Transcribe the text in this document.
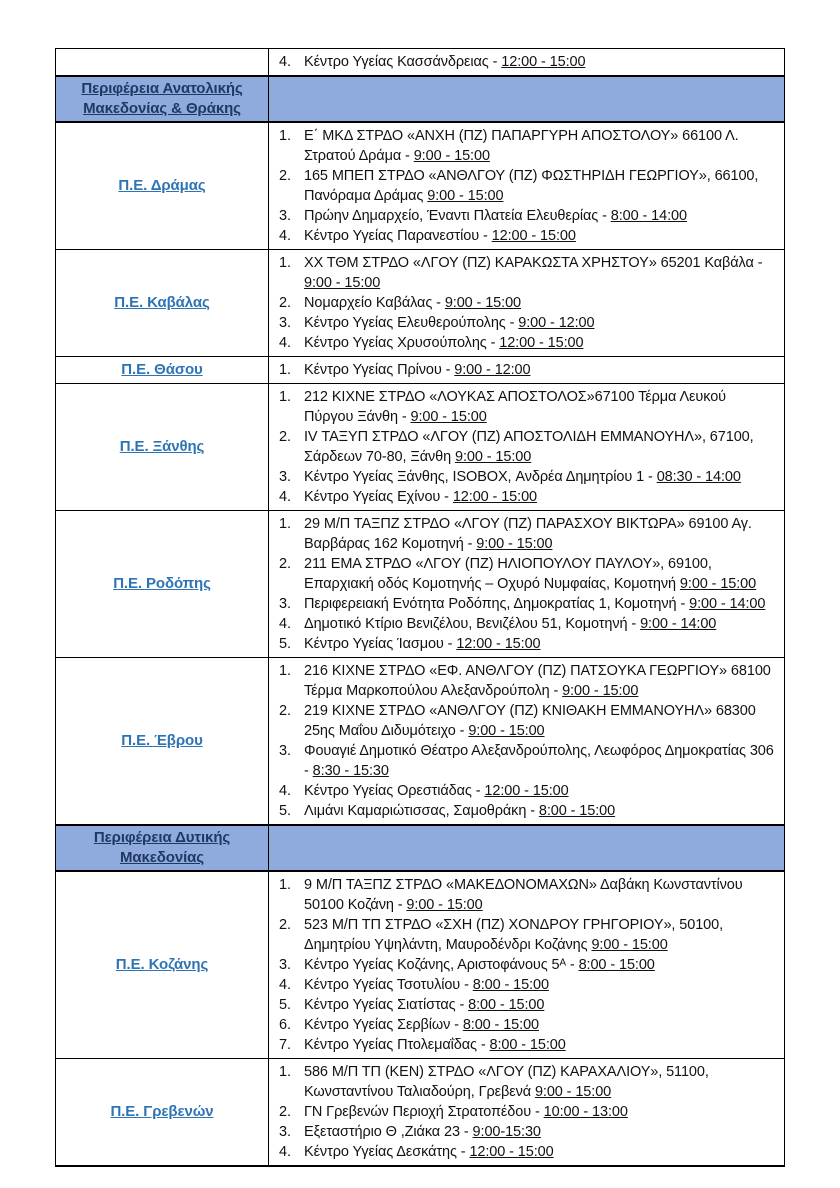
	4. Κέντρο Υγείας Κασσάνδρειας - 12:00 - 15:00

Περιφέρεια Ανατολικής Μακεδονίας & Θράκης	
Π.Ε. Δράμας	
1. Ε΄ ΜΚΔ ΣΤΡΔΟ «ΑΝΧΗ (ΠΖ) ΠΑΠΑΡΓΥΡΗ ΑΠΟΣΤΟΛΟΥ» 66100 Λ. Στρατού Δράμα - 9:00 - 15:00
2. 165 ΜΠΕΠ ΣΤΡΔΟ «ΑΝΘΛΓΟΥ (ΠΖ) ΦΩΣΤΗΡΙΔΗ ΓΕΩΡΓΙΟΥ», 66100, Πανόραμα Δράμας 9:00 - 15:00
3. Πρώην Δημαρχείο, Έναντι Πλατεία Ελευθερίας - 8:00 - 14:00
4. Κέντρο Υγείας Παρανεστίου - 12:00 - 15:00

Π.Ε. Καβάλας	
1. ΧΧ ΤΘΜ ΣΤΡΔΟ «ΛΓΟΥ (ΠΖ) ΚΑΡΑΚΩΣΤΑ ΧΡΗΣΤΟΥ» 65201 Καβάλα - 9:00 - 15:00
2. Νομαρχείο Καβάλας - 9:00 - 15:00
3. Κέντρο Υγείας Ελευθερούπολης - 9:00 - 12:00
4. Κέντρο Υγείας Χρυσούπολης - 12:00 - 15:00

Π.Ε. Θάσου	1. Κέντρο Υγείας Πρίνου - 9:00 - 12:00

Π.Ε. Ξάνθης	
1. 212 ΚΙΧΝΕ ΣΤΡΔΟ «ΛΟΥΚΑΣ ΑΠΟΣΤΟΛΟΣ»67100 Τέρμα Λευκού Πύργου Ξάνθη - 9:00 - 15:00
2. IV ΤΑΞΥΠ ΣΤΡΔΟ «ΛΓΟΥ (ΠΖ) ΑΠΟΣΤΟΛΙΔΗ ΕΜΜΑΝΟΥΗΛ», 67100, Σάρδεων 70-80, Ξάνθη 9:00 - 15:00
3. Κέντρο Υγείας Ξάνθης, ISOBOX, Ανδρέα Δημητρίου 1 - 08:30 - 14:00
4. Κέντρο Υγείας Εχίνου - 12:00 - 15:00

Π.Ε. Ροδόπης	
1. 29 Μ/Π ΤΑΞΠΖ ΣΤΡΔΟ «ΛΓΟΥ (ΠΖ) ΠΑΡΑΣΧΟΥ ΒΙΚΤΩΡΑ» 69100 Αγ. Βαρβάρας 162 Κομοτηνή - 9:00 - 15:00
2. 211 ΕΜΑ ΣΤΡΔΟ «ΛΓΟΥ (ΠΖ) ΗΛΙΟΠΟΥΛΟΥ ΠΑΥΛΟΥ», 69100, Επαρχιακή οδός Κομοτηνής – Οχυρό Νυμφαίας, Κομοτηνή 9:00 - 15:00
3. Περιφερειακή Ενότητα Ροδόπης, Δημοκρατίας 1, Κομοτηνή - 9:00 - 14:00
4. Δημοτικό Κτίριο Βενιζέλου, Βενιζέλου 51, Κομοτηνή - 9:00 - 14:00
5. Κέντρο Υγείας Ίασμου - 12:00 - 15:00

Π.Ε. Έβρου	
1. 216 ΚΙΧΝΕ ΣΤΡΔΟ «ΕΦ. ΑΝΘΛΓΟΥ (ΠΖ) ΠΑΤΣΟΥΚΑ ΓΕΩΡΓΙΟΥ» 68100 Τέρμα Μαρκοπούλου Αλεξανδρούπολη - 9:00 - 15:00
2. 219 ΚΙΧΝΕ ΣΤΡΔΟ «ΑΝΘΛΓΟΥ (ΠΖ) ΚΝΙΘΑΚΗ ΕΜΜΑΝΟΥΗΛ» 68300 25ης Μαΐου Διδυμότειχο - 9:00 - 15:00
3. Φουαγιέ Δημοτικό Θέατρο Αλεξανδρούπολης, Λεωφόρος Δημοκρατίας 306 - 8:30 - 15:30
4. Κέντρο Υγείας Ορεστιάδας - 12:00 - 15:00
5. Λιμάνι Καμαριώτισσας, Σαμοθράκη - 8:00 - 15:00

Περιφέρεια Δυτικής Μακεδονίας	
Π.Ε. Κοζάνης	
1. 9 Μ/Π ΤΑΞΠΖ ΣΤΡΔΟ «ΜΑΚΕΔΟΝΟΜΑΧΩΝ» Δαβάκη Κωνσταντίνου 50100 Κοζάνη - 9:00 - 15:00
2. 523 Μ/Π ΤΠ ΣΤΡΔΟ «ΣΧΗ (ΠΖ) ΧΟΝΔΡΟΥ ΓΡΗΓΟΡΙΟΥ», 50100, Δημητρίου Υψηλάντη, Μαυροδένδρι Κοζάνης 9:00 - 15:00
3. Κέντρο Υγείας Κοζάνης, Αριστοφάνους 5ᴬ - 8:00 - 15:00
4. Κέντρο Υγείας Τσοτυλίου - 8:00 - 15:00
5. Κέντρο Υγείας Σιατίστας - 8:00 - 15:00
6. Κέντρο Υγείας Σερβίων - 8:00 - 15:00
7. Κέντρο Υγείας Πτολεμαΐδας - 8:00 - 15:00

Π.Ε. Γρεβενών	
1. 586 Μ/Π ΤΠ (ΚΕΝ) ΣΤΡΔΟ «ΛΓΟΥ (ΠΖ) ΚΑΡΑΧΑΛΙΟΥ», 51100, Κωνσταντίνου Ταλιαδούρη, Γρεβενά 9:00 - 15:00
2. ΓΝ Γρεβενών Περιοχή Στρατοπέδου - 10:00 - 13:00
3. Εξεταστήριο Θ ,Ζιάκα 23 - 9:00-15:30
4. Κέντρο Υγείας Δεσκάτης - 12:00 - 15:00
